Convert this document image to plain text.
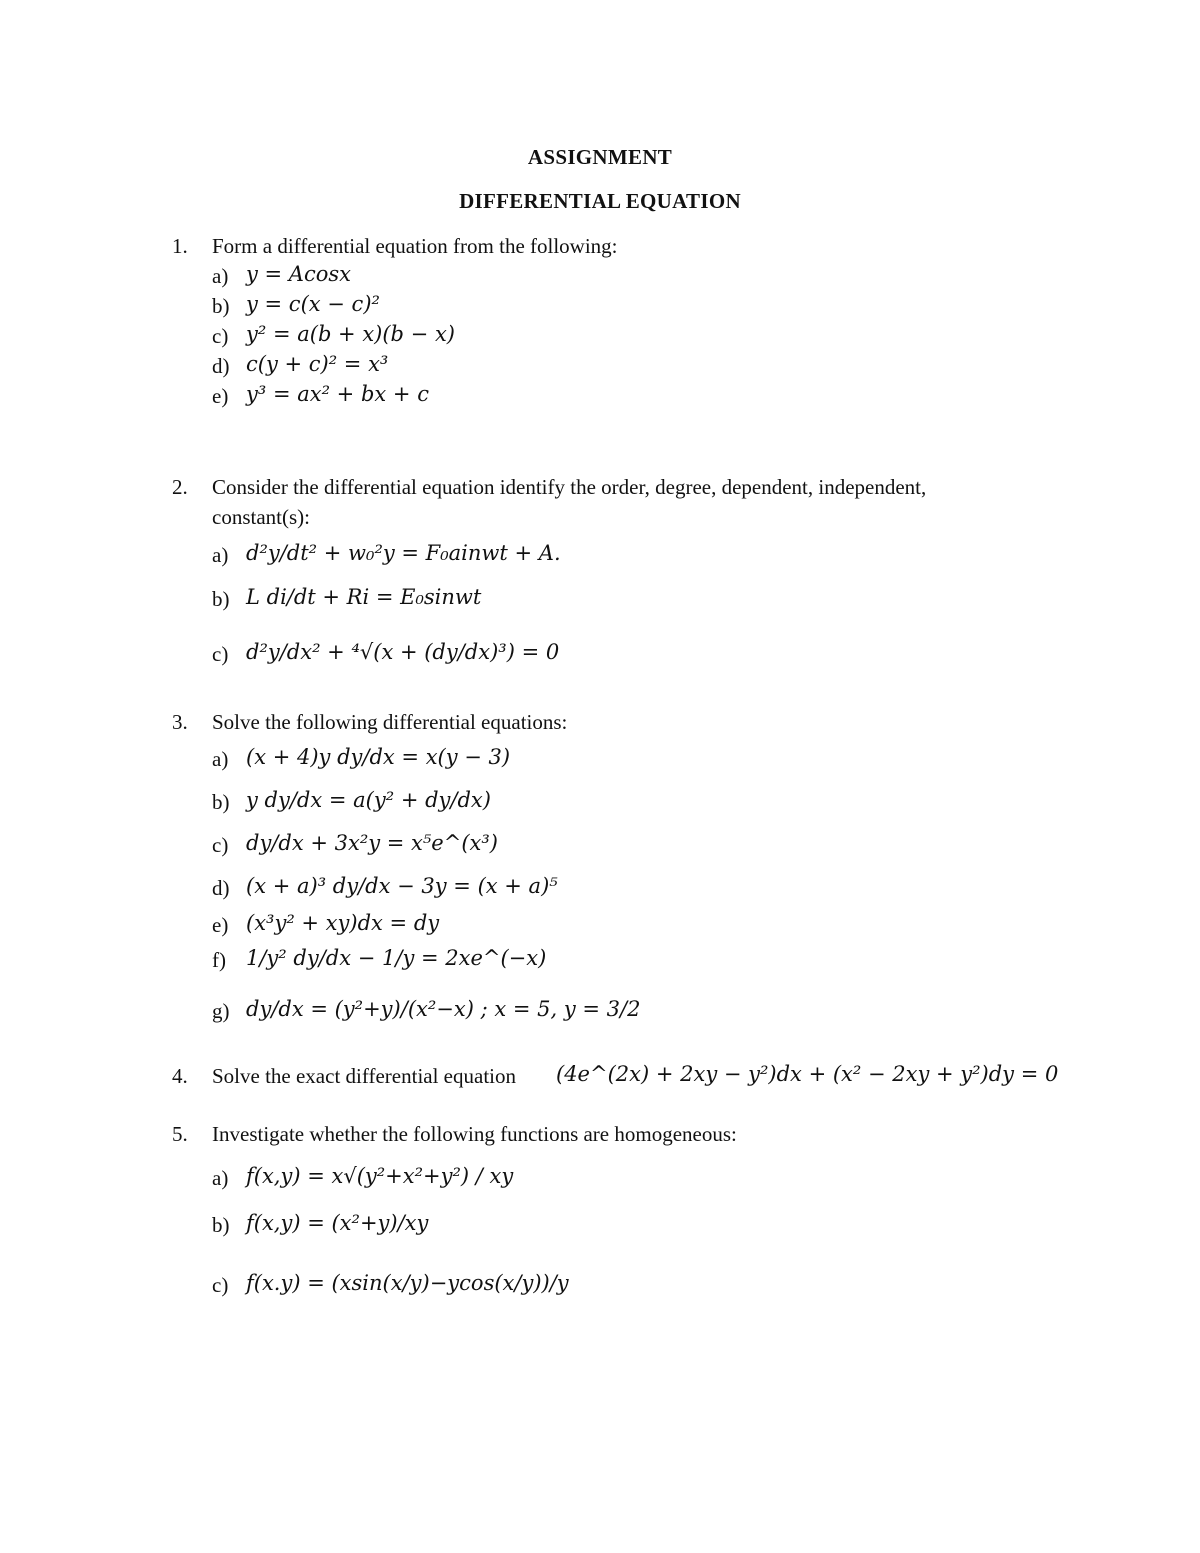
ASSIGNMENT
DIFFERENTIAL EQUATION
1. Form a differential equation from the following:
a) y = Acosx
b) y = c(x − c)²
c) y² = a(b + x)(b − x)
d) c(y + c)² = x³
e) y³ = ax² + bx + c
2. Consider the differential equation identify the order, degree, dependent, independent,
constant(s):
a) d²y/dt² + w₀²y = F₀ainwt + A.
b) L di/dt + Ri = E₀sinwt
c) d²y/dx² + ⁴√(x + (dy/dx)³) = 0
3. Solve the following differential equations:
a) (x + 4)y dy/dx = x(y − 3)
b) y dy/dx = a(y² + dy/dx)
c) dy/dx + 3x²y = x⁵e^(x³)
d) (x + a)³ dy/dx − 3y = (x + a)⁵
e) (x³y² + xy)dx = dy
f) 1/y² dy/dx − 1/y = 2xe^(−x)
g) dy/dx = (y²+y)/(x²−x) ; x = 5, y = 3/2
4. Solve the exact differential equation (4e^(2x) + 2xy − y²)dx + (x² − 2xy + y²)dy = 0
5. Investigate whether the following functions are homogeneous:
a) f(x,y) = x√(y²+x²+y²) / xy
b) f(x,y) = (x²+y)/xy
c) f(x.y) = (xsin(x/y)−ycos(x/y))/y
